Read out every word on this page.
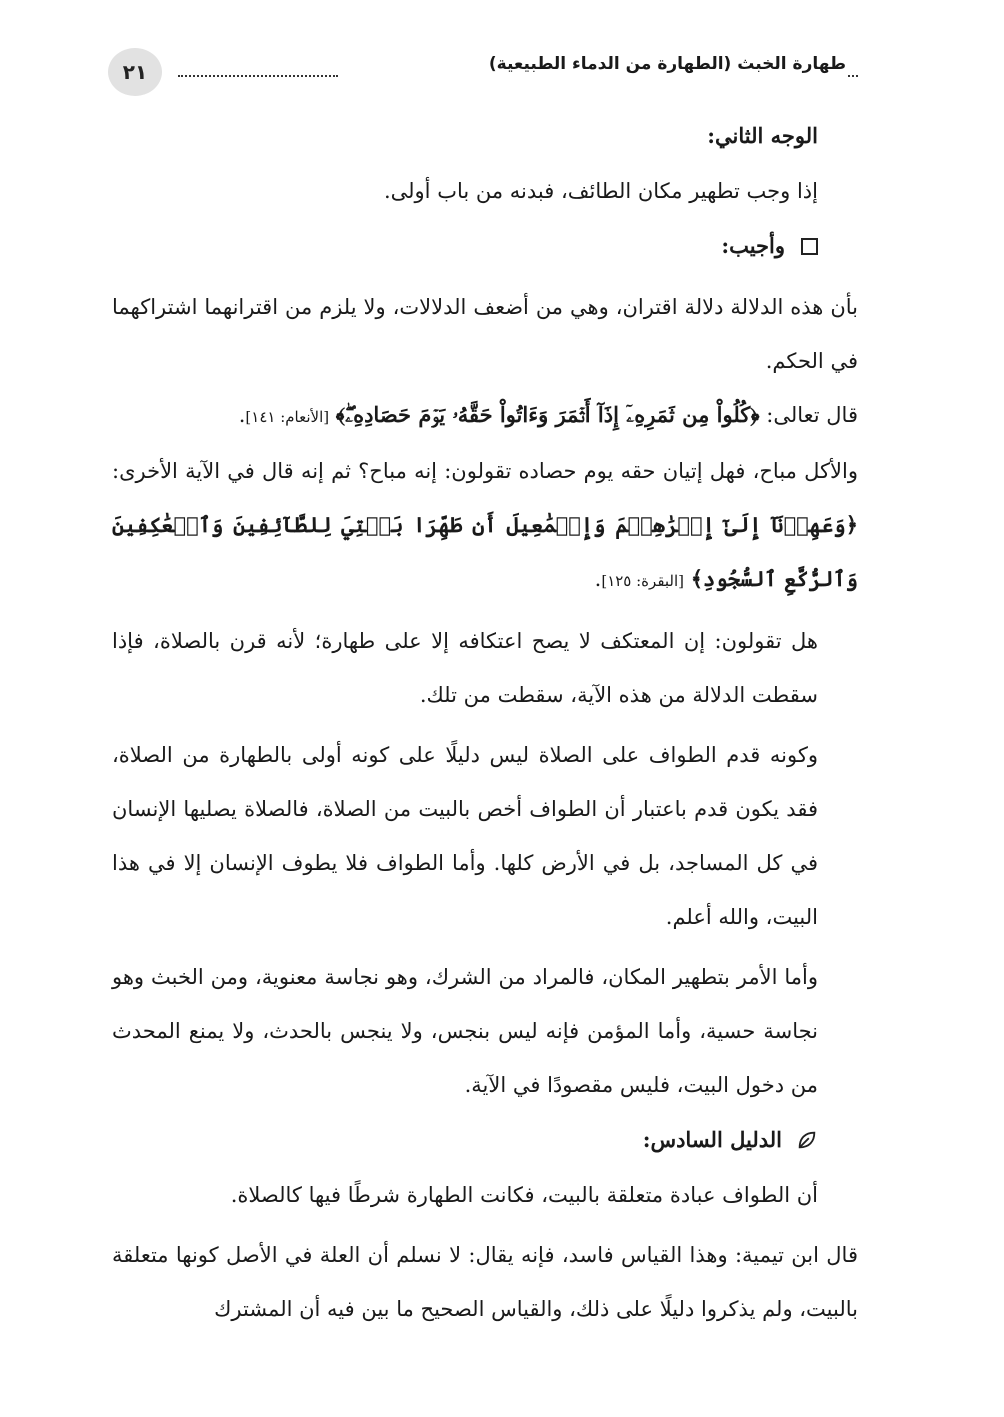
٢١	طهارة الخبث (الطهارة من الدماء الطبيعية)
الوجه الثاني:

إذا وجب تطهير مكان الطائف، فبدنه من باب أولى.

وأجيب:

بأن هذه الدلالة دلالة اقتران، وهي من أضعف الدلالات، ولا يلزم من اقترانهما اشتراكهما في الحكم.

قال تعالى: ﴿كُلُواْ مِن ثَمَرِهِۦٓ إِذَآ أَثۡمَرَ وَءَاتُواْ حَقَّهُۥ يَوۡمَ حَصَادِهِۦۖ﴾ [الأنعام: ١٤١].

والأكل مباح، فهل إتيان حقه يوم حصاده تقولون: إنه مباح؟ ثم إنه قال في الآية الأخرى: ﴿وَعَهِدۡنَآ إِلَىٰٓ إِبۡرَٰهِـۧمَ وَإِسۡمَٰعِيلَ أَن طَهِّرَا بَيۡتِيَ لِلطَّآئِفِينَ وَٱلۡعَٰكِفِينَ وَٱلرُّكَّعِ ٱلسُّجُودِ﴾ [البقرة: ١٢٥].

هل تقولون: إن المعتكف لا يصح اعتكافه إلا على طهارة؛ لأنه قرن بالصلاة، فإذا سقطت الدلالة من هذه الآية، سقطت من تلك.

وكونه قدم الطواف على الصلاة ليس دليلًا على كونه أولى بالطهارة من الصلاة، فقد يكون قدم باعتبار أن الطواف أخص بالبيت من الصلاة، فالصلاة يصليها الإنسان في كل المساجد، بل في الأرض كلها. وأما الطواف فلا يطوف الإنسان إلا في هذا البيت، والله أعلم.

وأما الأمر بتطهير المكان، فالمراد من الشرك، وهو نجاسة معنوية، ومن الخبث وهو نجاسة حسية، وأما المؤمن فإنه ليس بنجس، ولا ينجس بالحدث، ولا يمنع المحدث من دخول البيت، فليس مقصودًا في الآية.

الدليل السادس:

أن الطواف عبادة متعلقة بالبيت، فكانت الطهارة شرطًا فيها كالصلاة.

قال ابن تيمية: وهذا القياس فاسد، فإنه يقال: لا نسلم أن العلة في الأصل كونها متعلقة بالبيت، ولم يذكروا دليلًا على ذلك، والقياس الصحيح ما بين فيه أن المشترك
